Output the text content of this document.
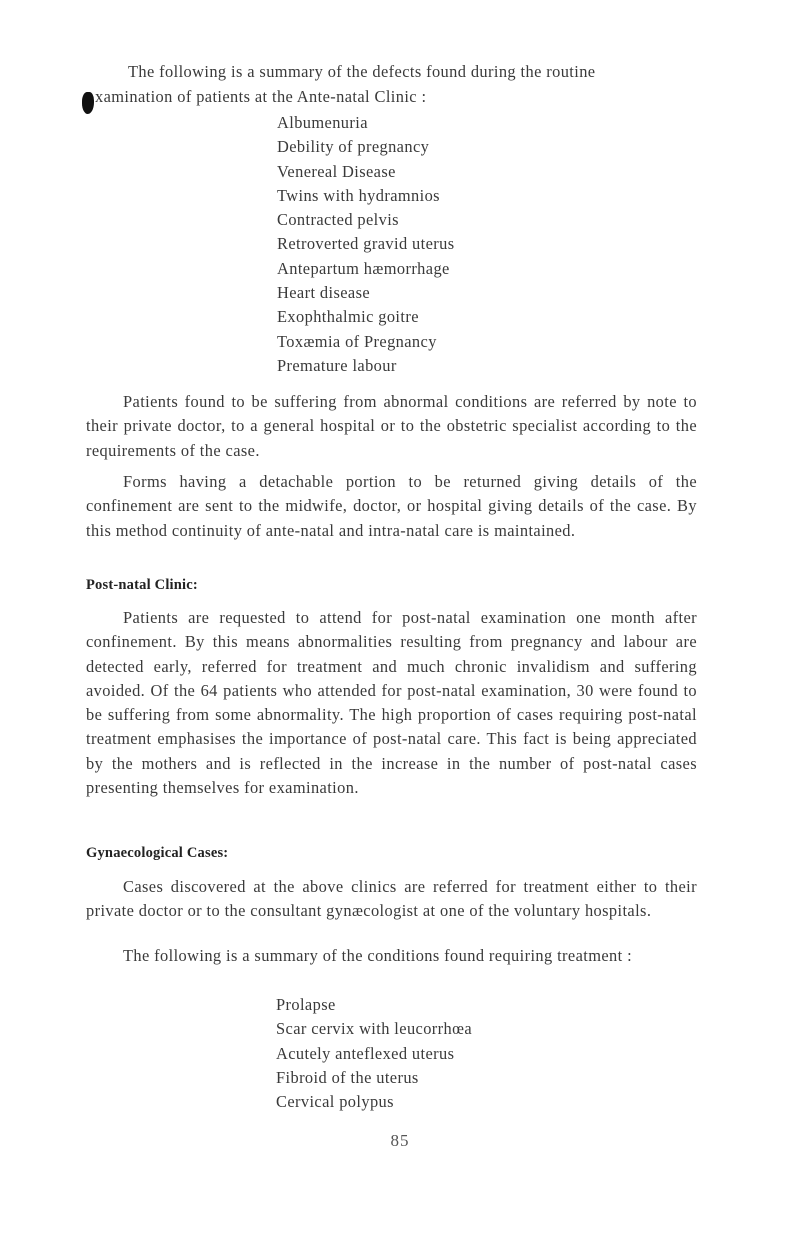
The following is a summary of the defects found during the routine

xamination of patients at the Ante-natal Clinic :

Albumenuria
Debility of pregnancy
Venereal Disease
Twins with hydramnios
Contracted pelvis
Retroverted gravid uterus
Antepartum hæmorrhage
Heart disease
Exophthalmic goitre
Toxæmia of Pregnancy
Premature labour

Patients found to be suffering from abnormal conditions are referred by note to their private doctor, to a general hospital or to the obstetric specialist according to the requirements of the case.

Forms having a detachable portion to be returned giving details of the confinement are sent to the midwife, doctor, or hospital giving details of the case. By this method continuity of ante-natal and intra-natal care is maintained.

Post-natal Clinic:

Patients are requested to attend for post-natal examination one month after confinement. By this means abnormalities resulting from pregnancy and labour are detected early, referred for treatment and much chronic invalidism and suffering avoided. Of the 64 patients who attended for post-natal examination, 30 were found to be suffering from some abnormality. The high proportion of cases requiring post-natal treatment emphasises the importance of post-natal care. This fact is being appreciated by the mothers and is reflected in the increase in the number of post-natal cases presenting themselves for examination.

Gynaecological Cases:

Cases discovered at the above clinics are referred for treatment either to their private doctor or to the consultant gynæcologist at one of the voluntary hospitals.

The following is a summary of the conditions found requiring treatment :

Prolapse
Scar cervix with leucorrhœa
Acutely anteflexed uterus
Fibroid of the uterus
Cervical polypus
85
